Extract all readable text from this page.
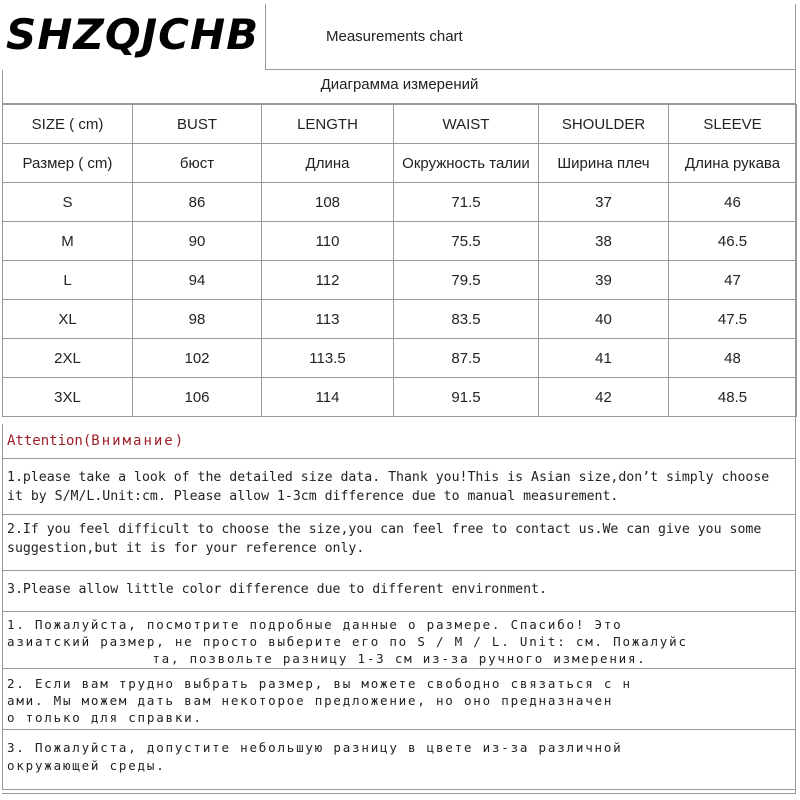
SHZQJCHB	Measurements chart
Диаграмма измерений
SIZE ( cm)	BUST	LENGTH	WAIST	SHOULDER	SLEEVE
Размер ( cm)	бюст	Длина	Окружность талии	Ширина плеч	Длина рукава
S	86	108	71.5	37	46
M	90	110	75.5	38	46.5
L	94	112	79.5	39	47
XL	98	113	83.5	40	47.5
2XL	102	113.5	87.5	41	48
3XL	106	114	91.5	42	48.5
Attention(Внимание)
1.please take a look of the detailed size data. Thank you!This is Asian size,don’t simply choose
it by S/M/L.Unit:cm. Please allow 1-3cm difference due to manual measurement.
2.If you feel difficult to choose the size,you can feel free to contact us.We can give you some
suggestion,but it is for your reference only.
3.Please allow little color difference due to different environment.
1. Пожалуйста, посмотрите подробные данные о размере. Спасибо! Это
азиатский размер, не просто выберите его по S / M / L. Unit: см. Пожалуйс
та, позвольте разницу 1-3 см из-за ручного измерения.
2. Если вам трудно выбрать размер, вы можете свободно связаться с н
ами. Мы можем дать вам некоторое предложение, но оно предназначен
о только для справки.
3. Пожалуйста, допустите небольшую разницу в цвете из-за различной
окружающей среды.
